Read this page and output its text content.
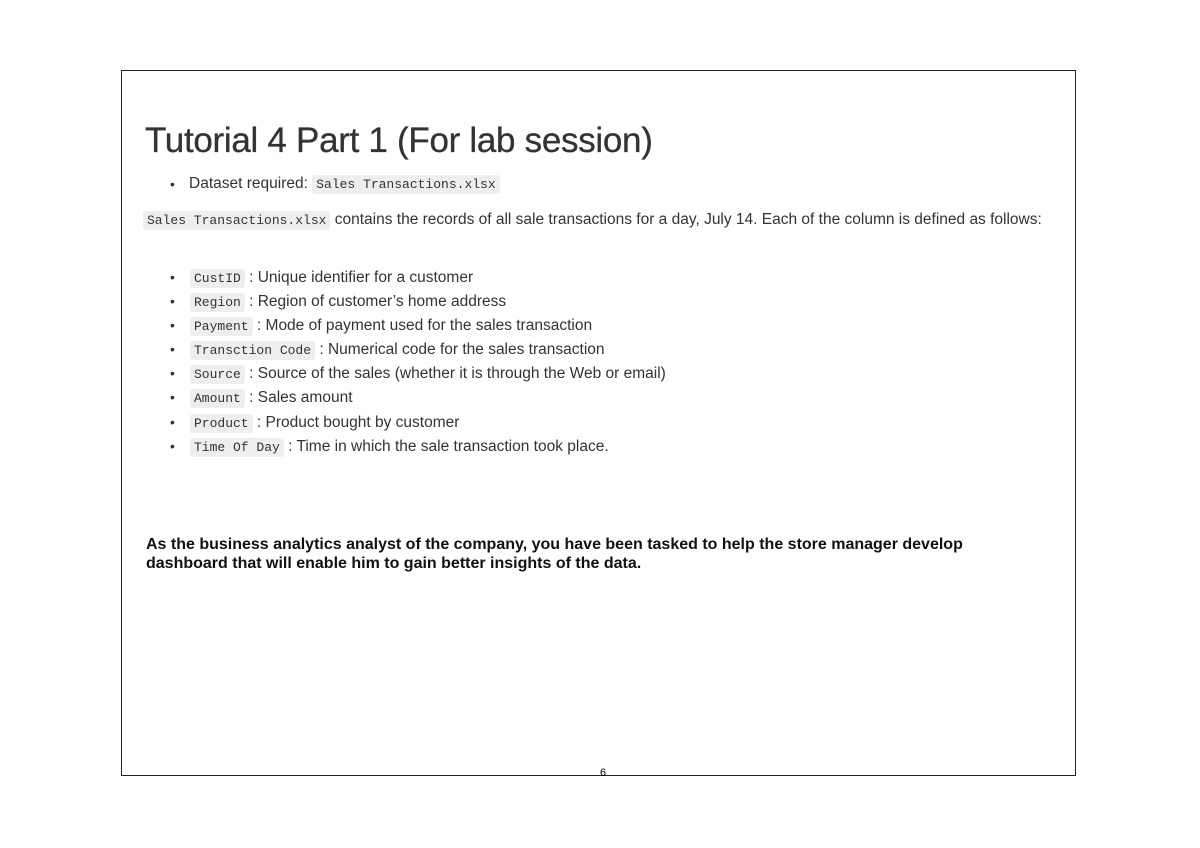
Tutorial 4 Part 1 (For lab session)
• Dataset required: Sales Transactions.xlsx

Sales Transactions.xlsx contains the records of all sale transactions for a day, July 14. Each of the column is defined as follows:

• CustID : Unique identifier for a customer
• Region : Region of customer’s home address
• Payment : Mode of payment used for the sales transaction
• Transction Code : Numerical code for the sales transaction
• Source : Source of the sales (whether it is through the Web or email)
• Amount : Sales amount
• Product : Product bought by customer
• Time Of Day : Time in which the sale transaction took place.

As the business analytics analyst of the company, you have been tasked to help the store manager develop dashboard that will enable him to gain better insights of the data.

6
